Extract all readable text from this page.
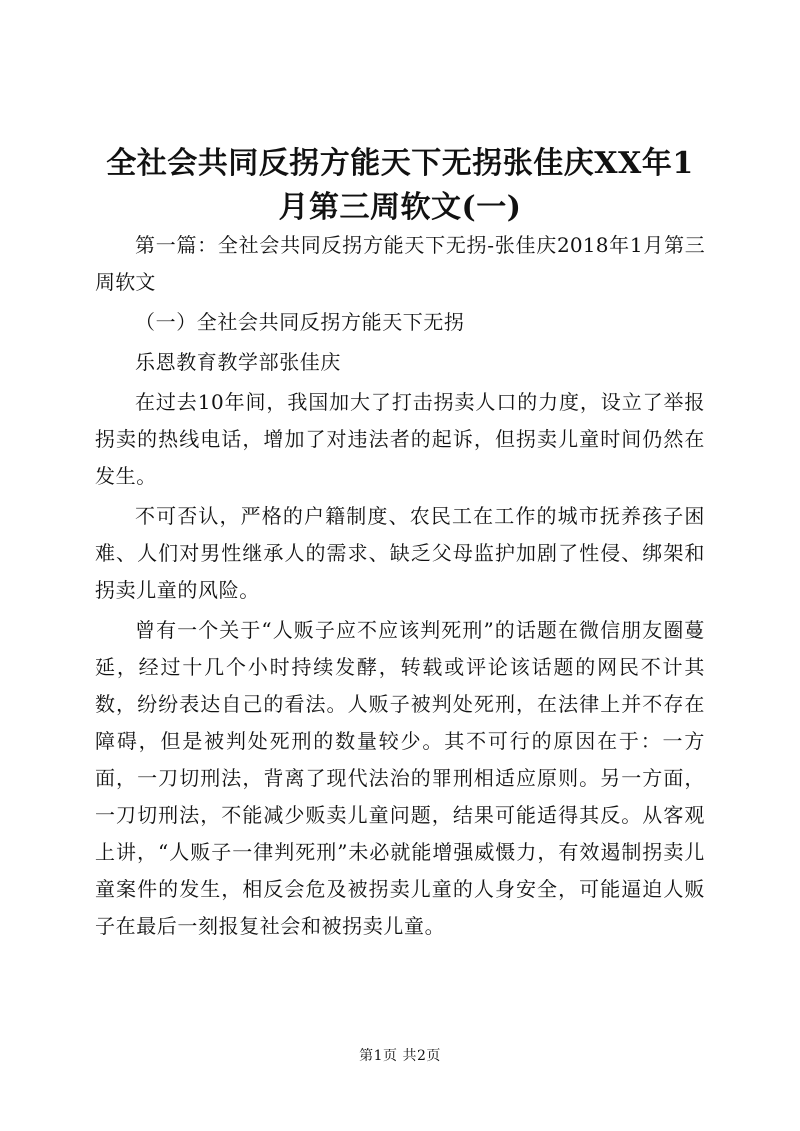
全社会共同反拐方能天下无拐张佳庆XX年1月第三周软文(一)

第一篇：全社会共同反拐方能天下无拐-张佳庆2018年1月第三周软文

（一）全社会共同反拐方能天下无拐

乐恩教育教学部张佳庆

在过去10年间，我国加大了打击拐卖人口的力度，设立了举报拐卖的热线电话，增加了对违法者的起诉，但拐卖儿童时间仍然在发生。

不可否认，严格的户籍制度、农民工在工作的城市抚养孩子困难、人们对男性继承人的需求、缺乏父母监护加剧了性侵、绑架和拐卖儿童的风险。

曾有一个关于“人贩子应不应该判死刑”的话题在微信朋友圈蔓延，经过十几个小时持续发酵，转载或评论该话题的网民不计其数，纷纷表达自己的看法。人贩子被判处死刑，在法律上并不存在障碍，但是被判处死刑的数量较少。其不可行的原因在于：一方面，一刀切刑法，背离了现代法治的罪刑相适应原则。另一方面，一刀切刑法，不能减少贩卖儿童问题，结果可能适得其反。从客观上讲，“人贩子一律判死刑”未必就能增强威慑力，有效遏制拐卖儿童案件的发生，相反会危及被拐卖儿童的人身安全，可能逼迫人贩子在最后一刻报复社会和被拐卖儿童。

第1页 共2页
